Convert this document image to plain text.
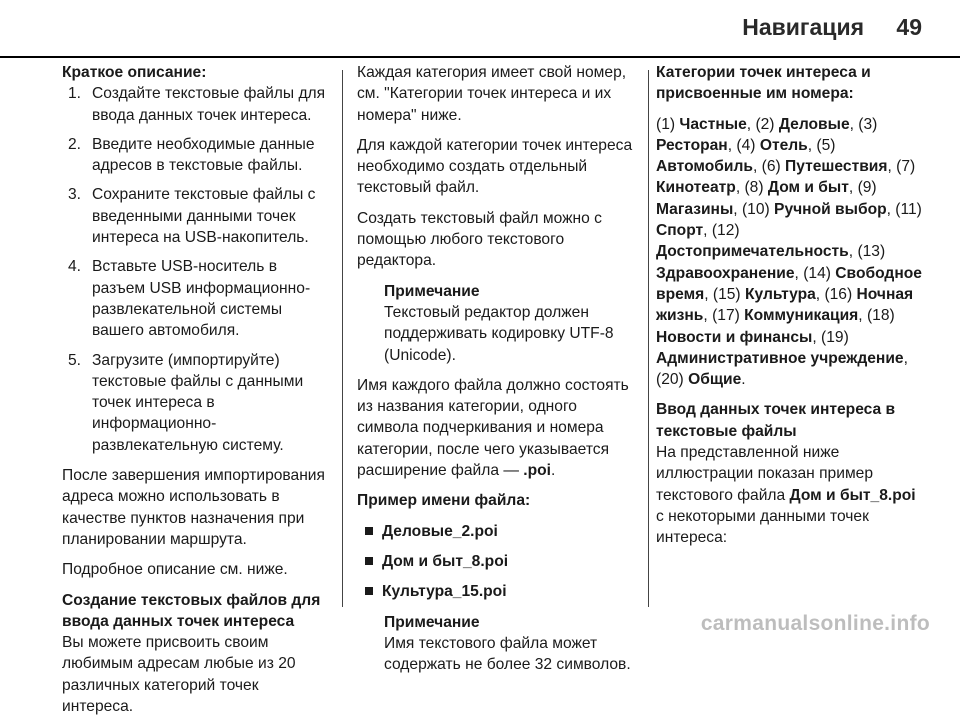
Навигация 49
Краткое описание:
1. Создайте текстовые файлы для ввода данных точек интереса.
2. Введите необходимые данные адресов в текстовые файлы.
3. Сохраните текстовые файлы с введенными данными точек интереса на USB-накопитель.
4. Вставьте USB-носитель в разъем USB информационно-развлекательной системы вашего автомобиля.
5. Загрузите (импортируйте) текстовые файлы с данными точек интереса в информационно-развлекательную систему.

После завершения импортирования адреса можно использовать в качестве пунктов назначения при планировании маршрута.

Подробное описание см. ниже.

Создание текстовых файлов для ввода данных точек интереса

Вы можете присвоить своим любимым адресам любые из 20 различных категорий точек интереса.

Каждая категория имеет свой номер, см. "Категории точек интереса и их номера" ниже.

Для каждой категории точек интереса необходимо создать отдельный текстовый файл.

Создать текстовый файл можно с помощью любого текстового редактора.

Примечание
Текстовый редактор должен поддерживать кодировку UTF-8 (Unicode).

Имя каждого файла должно состоять из названия категории, одного символа подчеркивания и номера категории, после чего указывается расширение файла — .poi.

Пример имени файла:
Деловые_2.poi
Дом и быт_8.poi
Культура_15.poi
Примечание
Имя текстового файла может содержать не более 32 символов.
Категории точек интереса и присвоенные им номера:

(1) Частные, (2) Деловые, (3) Ресторан, (4) Отель, (5) Автомобиль, (6) Путешествия, (7) Кинотеатр, (8) Дом и быт, (9) Магазины, (10) Ручной выбор, (11) Спорт, (12) Достопримечательность, (13) Здравоохранение, (14) Свободное время, (15) Культура, (16) Ночная жизнь, (17) Коммуникация, (18) Новости и финансы, (19) Административное учреждение, (20) Общие.

Ввод данных точек интереса в текстовые файлы

На представленной ниже иллюстрации показан пример текстового файла Дом и быт_8.poi с некоторыми данными точек интереса:

carmanualsonline.info
